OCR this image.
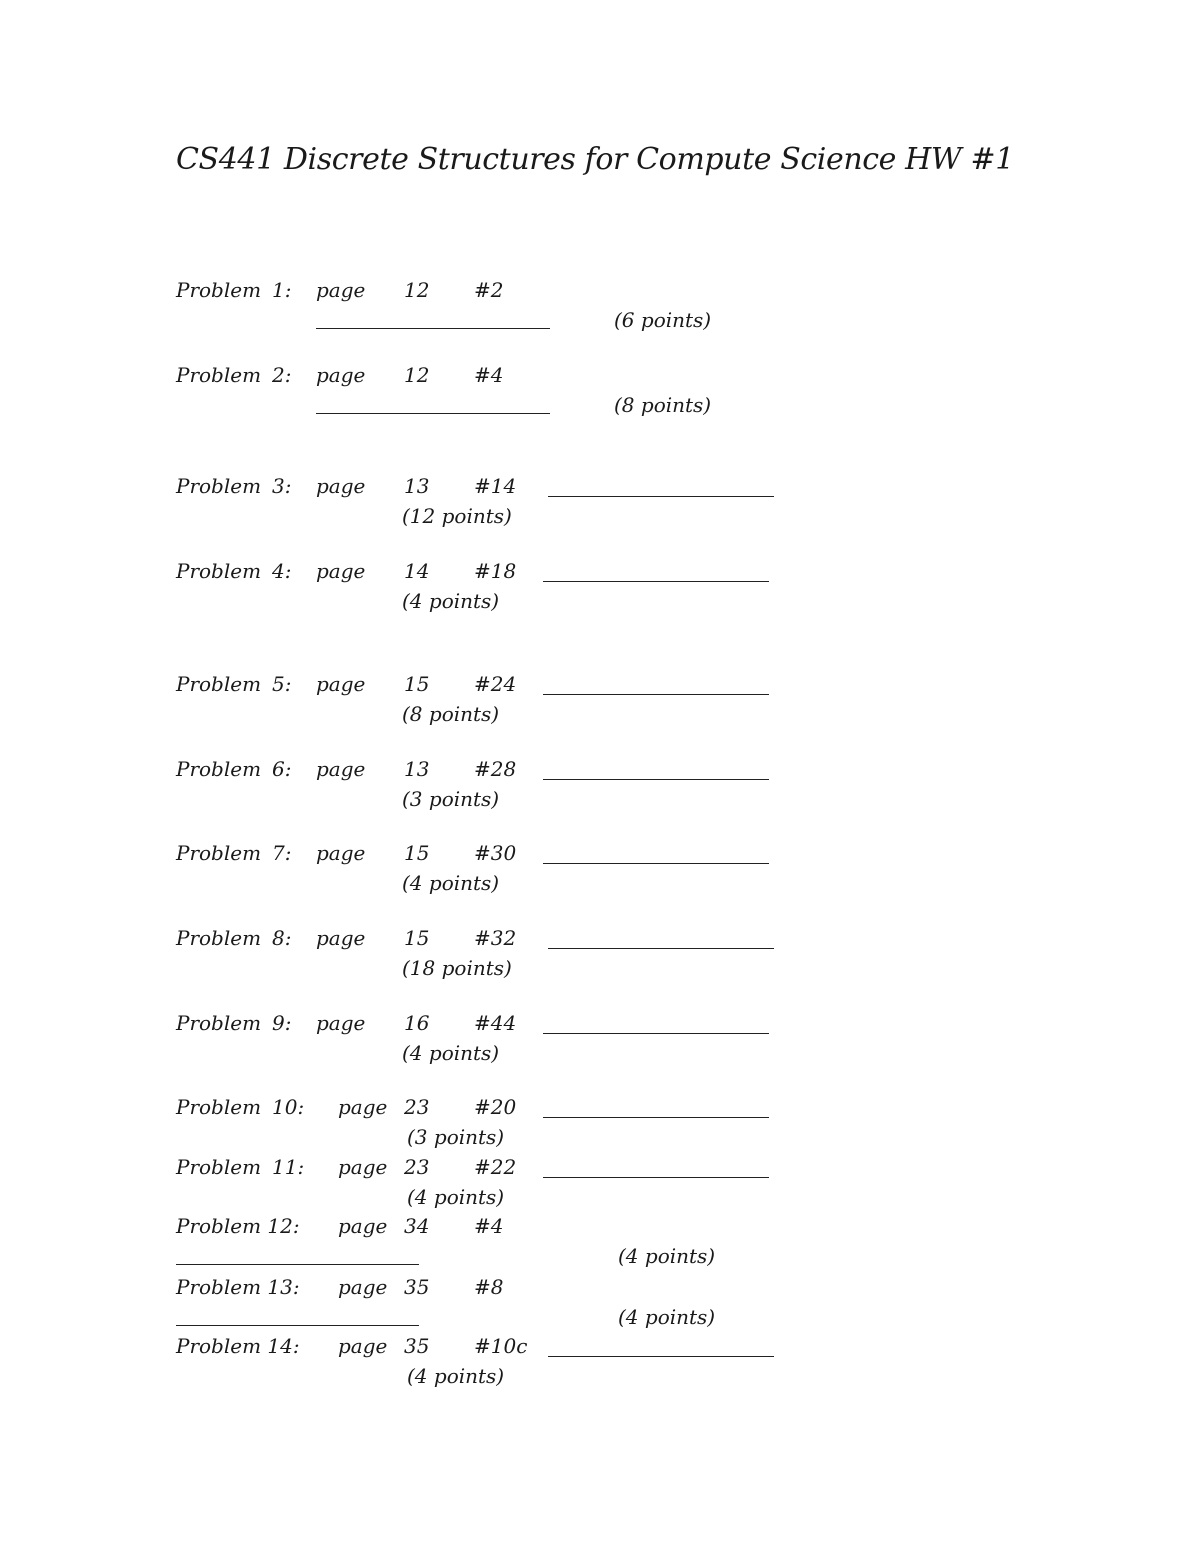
CS441 Discrete Structures for Compute Science HW #1
Problem 1: page 12 #2
(6 points)
Problem 2: page 12 #4
(8 points)
Problem 3: page 13 #14
(12 points)
Problem 4: page 14 #18
(4 points)
Problem 5: page 15 #24
(8 points)
Problem 6: page 13 #28
(3 points)
Problem 7: page 15 #30
(4 points)
Problem 8: page 15 #32
(18 points)
Problem 9: page 16 #44
(4 points)
Problem 10: page 23 #20
(3 points)
Problem 11: page 23 #22
(4 points)
Problem 12: page 34 #4
(4 points)
Problem 13: page 35 #8
(4 points)
Problem 14: page 35 #10c
(4 points)
